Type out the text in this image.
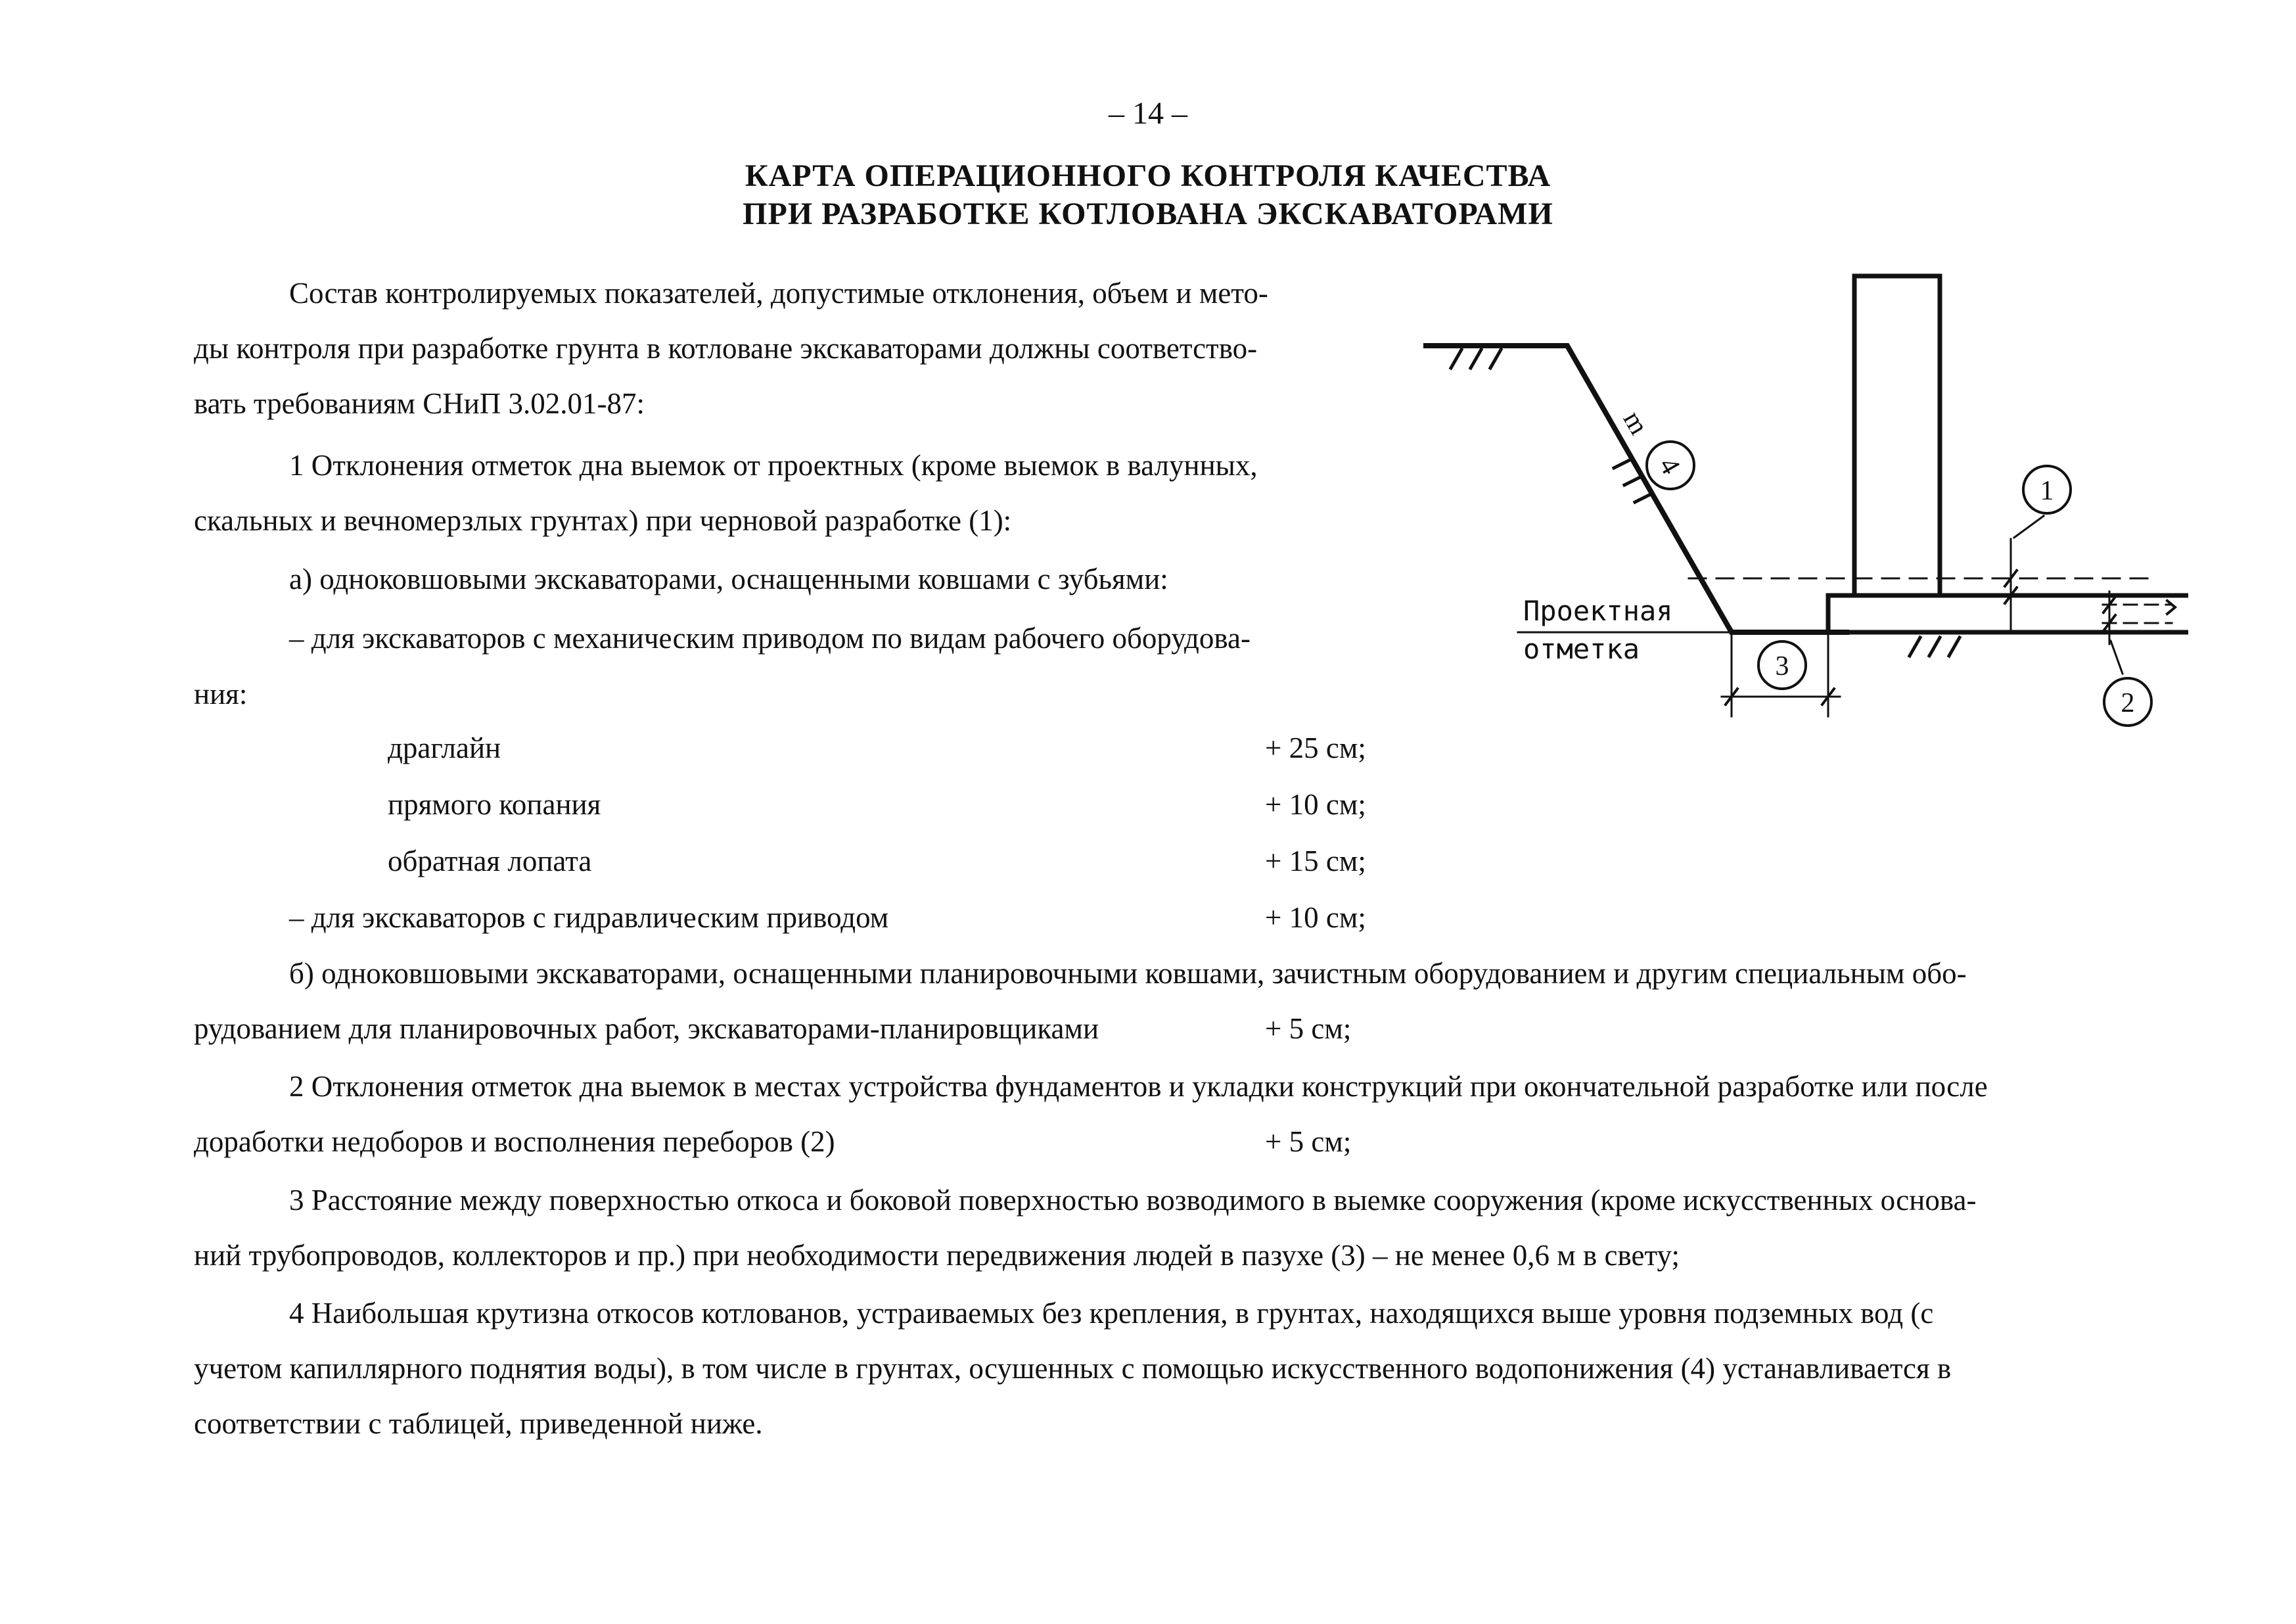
– 14 –
КАРТА ОПЕРАЦИОННОГО КОНТРОЛЯ КАЧЕСТВА
ПРИ РАЗРАБОТКЕ КОТЛОВАНА ЭКСКАВАТОРАМИ
Состав контролируемых показателей, допустимые отклонения, объем и мето-
ды контроля при разработке грунта в котловане экскаваторами должны соответство-
вать требованиям СНиП 3.02.01-87:
1 Отклонения отметок дна выемок от проектных (кроме выемок в валунных,
скальных и вечномерзлых грунтах) при черновой разработке (1):
а) одноковшовыми экскаваторами, оснащенными ковшами с зубьями:
– для экскаваторов с механическим приводом по видам рабочего оборудова-
ния:
драглайн	+ 25 см;
прямого копания	+ 10 см;
обратная лопата	+ 15 см;
– для экскаваторов с гидравлическим приводом	+ 10 см;
б) одноковшовыми экскаваторами, оснащенными планировочными ковшами, зачистным оборудованием и другим специальным обо-
рудованием для планировочных работ, экскаваторами-планировщиками	+ 5 см;
2 Отклонения отметок дна выемок в местах устройства фундаментов и укладки конструкций при окончательной разработке или после
доработки недоборов и восполнения переборов (2)	+ 5 см;
3 Расстояние между поверхностью откоса и боковой поверхностью возводимого в выемке сооружения (кроме искусственных основа-
ний трубопроводов, коллекторов и пр.) при необходимости передвижения людей в пазухе (3) – не менее 0,6 м в свету;
4 Наибольшая крутизна откосов котлованов, устраиваемых без крепления, в грунтах, находящихся выше уровня подземных вод (с
учетом капиллярного поднятия воды), в том числе в грунтах, осушенных с помощью искусственного водопонижения (4) устанавливается в
соответствии с таблицей, приведенной ниже.
1
2
3
4
m
Проектная
отметка
